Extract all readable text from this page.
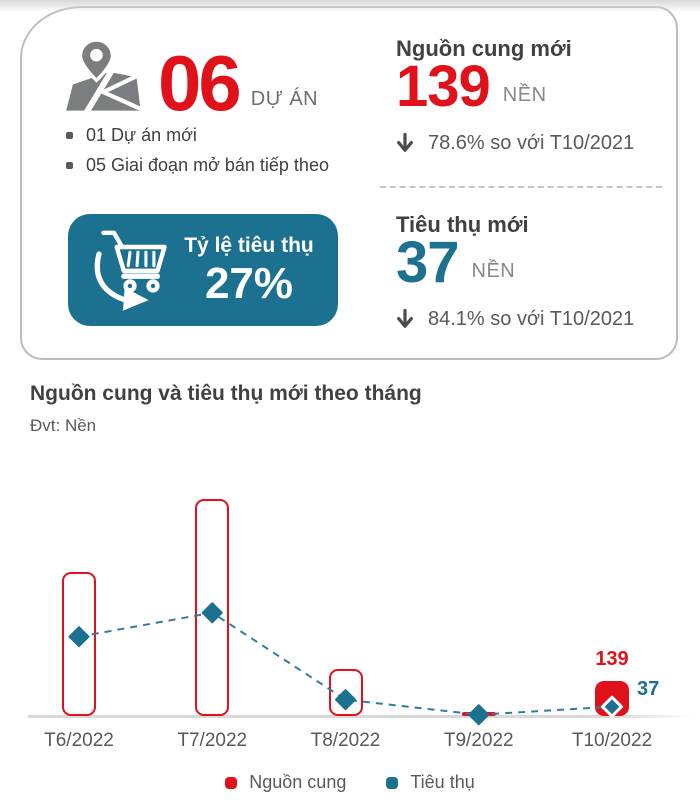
06 DỰ ÁN
01 Dự án mới
05 Giai đoạn mở bán tiếp theo
Tỷ lệ tiêu thụ
27%
Nguồn cung mới
139 NỀN
78.6% so với T10/2021
Tiêu thụ mới
37 NỀN
84.1% so với T10/2021
Nguồn cung và tiêu thụ mới theo tháng
Đvt: Nền
T6/2022	T7/2022	T8/2022	T9/2022	T10/2022
139
37
Nguồn cung	Tiêu thụ
